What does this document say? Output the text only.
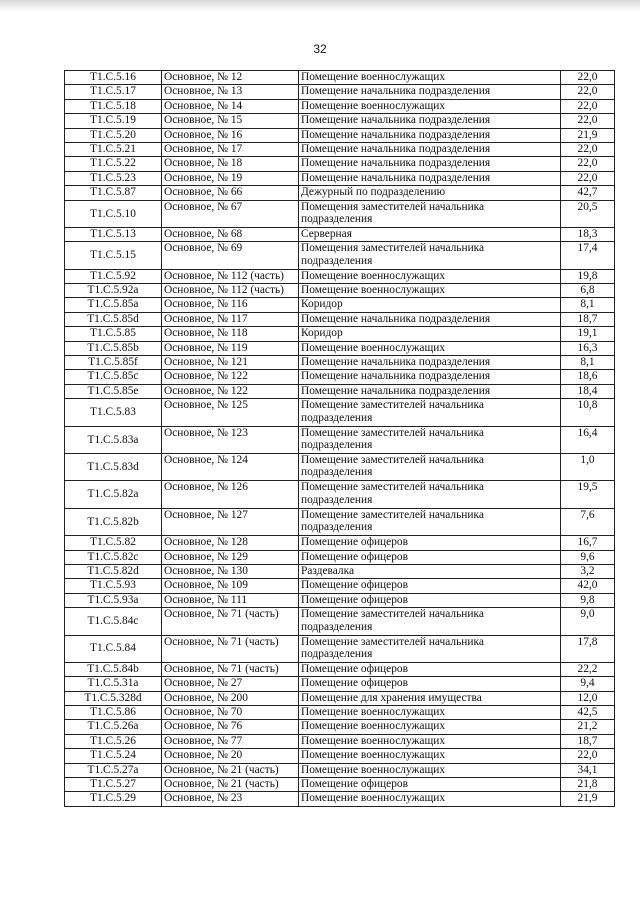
32
T1.C.5.16	Основное, № 12	Помещение военнослужащих	22,0
T1.C.5.17	Основное, № 13	Помещение начальника подразделения	22,0
T1.C.5.18	Основное, № 14	Помещение военнослужащих	22,0
T1.C.5.19	Основное, № 15	Помещение начальника подразделения	22,0
T1.C.5.20	Основное, № 16	Помещение начальника подразделения	21,9
T1.C.5.21	Основное, № 17	Помещение начальника подразделения	22,0
T1.C.5.22	Основное, № 18	Помещение начальника подразделения	22,0
T1.C.5.23	Основное, № 19	Помещение начальника подразделения	22,0
T1.C.5.87	Основное, № 66	Дежурный по подразделению	42,7
T1.C.5.10	Основное, № 67	Помещения заместителей начальника подразделения	20,5
T1.C.5.13	Основное, № 68	Серверная	18,3
T1.C.5.15	Основное, № 69	Помещения заместителей начальника подразделения	17,4
T1.C.5.92	Основное, № 112 (часть)	Помещение военнослужащих	19,8
T1.C.5.92a	Основное, № 112 (часть)	Помещение военнослужащих	6,8
T1.C.5.85a	Основное, № 116	Коридор	8,1
T1.C.5.85d	Основное, № 117	Помещение начальника подразделения	18,7
T1.C.5.85	Основное, № 118	Коридор	19,1
T1.C.5.85b	Основное, № 119	Помещение военнослужащих	16,3
T1.C.5.85f	Основное, № 121	Помещение начальника подразделения	8,1
T1.C.5.85c	Основное, № 122	Помещение начальника подразделения	18,6
T1.C.5.85e	Основное, № 122	Помещение начальника подразделения	18,4
T1.C.5.83	Основное, № 125	Помещение заместителей начальника подразделения	10,8
T1.C.5.83a	Основное, № 123	Помещение заместителей начальника подразделения	16,4
T1.C.5.83d	Основное, № 124	Помещение заместителей начальника подразделения	1,0
T1.C.5.82a	Основное, № 126	Помещение заместителей начальника подразделения	19,5
T1.C.5.82b	Основное, № 127	Помещение заместителей начальника подразделения	7,6
T1.C.5.82	Основное, № 128	Помещение офицеров	16,7
T1.C.5.82c	Основное, № 129	Помещение офицеров	9,6
T1.C.5.82d	Основное, № 130	Раздевалка	3,2
T1.C.5.93	Основное, № 109	Помещение офицеров	42,0
T1.C.5.93a	Основное, № 111	Помещение офицеров	9,8
T1.C.5.84c	Основное, № 71 (часть)	Помещение заместителей начальника подразделения	9,0
T1.C.5.84	Основное, № 71 (часть)	Помещение заместителей начальника подразделения	17,8
T1.C.5.84b	Основное, № 71 (часть)	Помещение офицеров	22,2
T1.C.5.31a	Основное, № 27	Помещение офицеров	9,4
T1.C.5.328d	Основное, № 200	Помещение для хранения имущества	12,0
T1.C.5.86	Основное, № 70	Помещение военнослужащих	42,5
T1.C.5.26a	Основное, № 76	Помещение военнослужащих	21,2
T1.C.5.26	Основное, № 77	Помещение военнослужащих	18,7
T1.C.5.24	Основное, № 20	Помещение военнослужащих	22,0
T1.C.5.27a	Основное, № 21 (часть)	Помещение военнослужащих	34,1
T1.C.5.27	Основное, № 21 (часть)	Помещение офицеров	21,8
T1.C.5.29	Основное, № 23	Помещение военнослужащих	21,9
